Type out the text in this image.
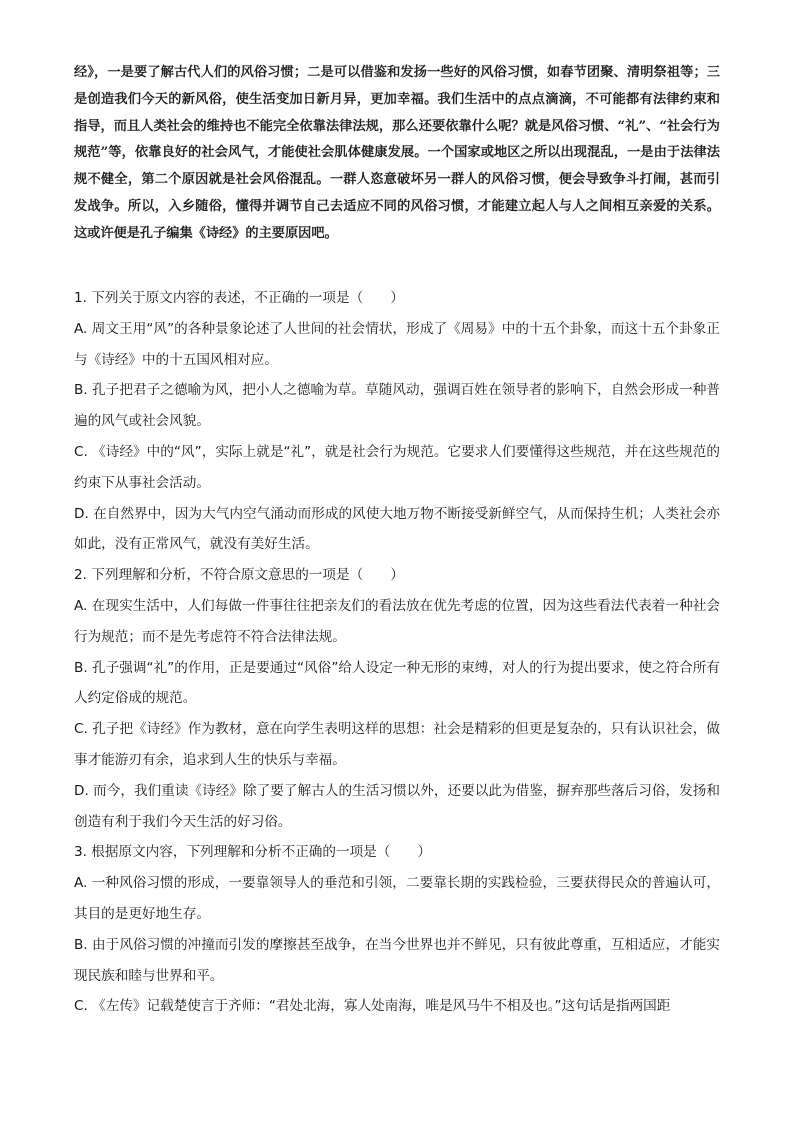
经》，一是要了解古代人们的风俗习惯；二是可以借鉴和发扬一些好的风俗习惯，如春节团聚、清明祭祖等；三是创造我们今天的新风俗，使生活变加日新月异，更加幸福。我们生活中的点点滴滴，不可能都有法律约束和指导，而且人类社会的维持也不能完全依靠法律法规，那么还要依靠什么呢？就是风俗习惯、“礼”、“社会行为规范”等，依靠良好的社会风气，才能使社会肌体健康发展。一个国家或地区之所以出现混乱，一是由于法律法规不健全，第二个原因就是社会风俗混乱。一群人恣意破坏另一群人的风俗习惯，便会导致争斗打闹，甚而引发战争。所以，入乡随俗，懂得并调节自己去适应不同的风俗习惯，才能建立起人与人之间相互亲爱的关系。这或许便是孔子编集《诗经》的主要原因吧。

1. 下列关于原文内容的表述，不正确的一项是（　　）

A. 周文王用“风”的各种景象论述了人世间的社会情状，形成了《周易》中的十五个卦象，而这十五个卦象正与《诗经》中的十五国风相对应。

B. 孔子把君子之德喻为风，把小人之德喻为草。草随风动，强调百姓在领导者的影响下，自然会形成一种普遍的风气或社会风貌。

C. 《诗经》中的“风”，实际上就是“礼”，就是社会行为规范。它要求人们要懂得这些规范，并在这些规范的约束下从事社会活动。

D. 在自然界中，因为大气内空气涌动而形成的风使大地万物不断接受新鲜空气，从而保持生机；人类社会亦如此，没有正常风气，就没有美好生活。

2. 下列理解和分析，不符合原文意思的一项是（　　）

A. 在现实生活中，人们每做一件事往往把亲友们的看法放在优先考虑的位置，因为这些看法代表着一种社会行为规范；而不是先考虑符不符合法律法规。

B. 孔子强调“礼”的作用，正是要通过“风俗”给人设定一种无形的束缚，对人的行为提出要求，使之符合所有人约定俗成的规范。

C. 孔子把《诗经》作为教材，意在向学生表明这样的思想：社会是精彩的但更是复杂的，只有认识社会，做事才能游刃有余，追求到人生的快乐与幸福。

D. 而今，我们重读《诗经》除了要了解古人的生活习惯以外，还要以此为借鉴，摒弃那些落后习俗，发扬和创造有利于我们今天生活的好习俗。

3. 根据原文内容，下列理解和分析不正确的一项是（　　）

A. 一种风俗习惯的形成，一要靠领导人的垂范和引领，二要靠长期的实践检验，三要获得民众的普遍认可，其目的是更好地生存。

B. 由于风俗习惯的冲撞而引发的摩擦甚至战争，在当今世界也并不鲜见，只有彼此尊重，互相适应，才能实现民族和睦与世界和平。

C. 《左传》记载楚使言于齐师：“君处北海，寡人处南海，唯是风马牛不相及也。”这句话是指两国距
